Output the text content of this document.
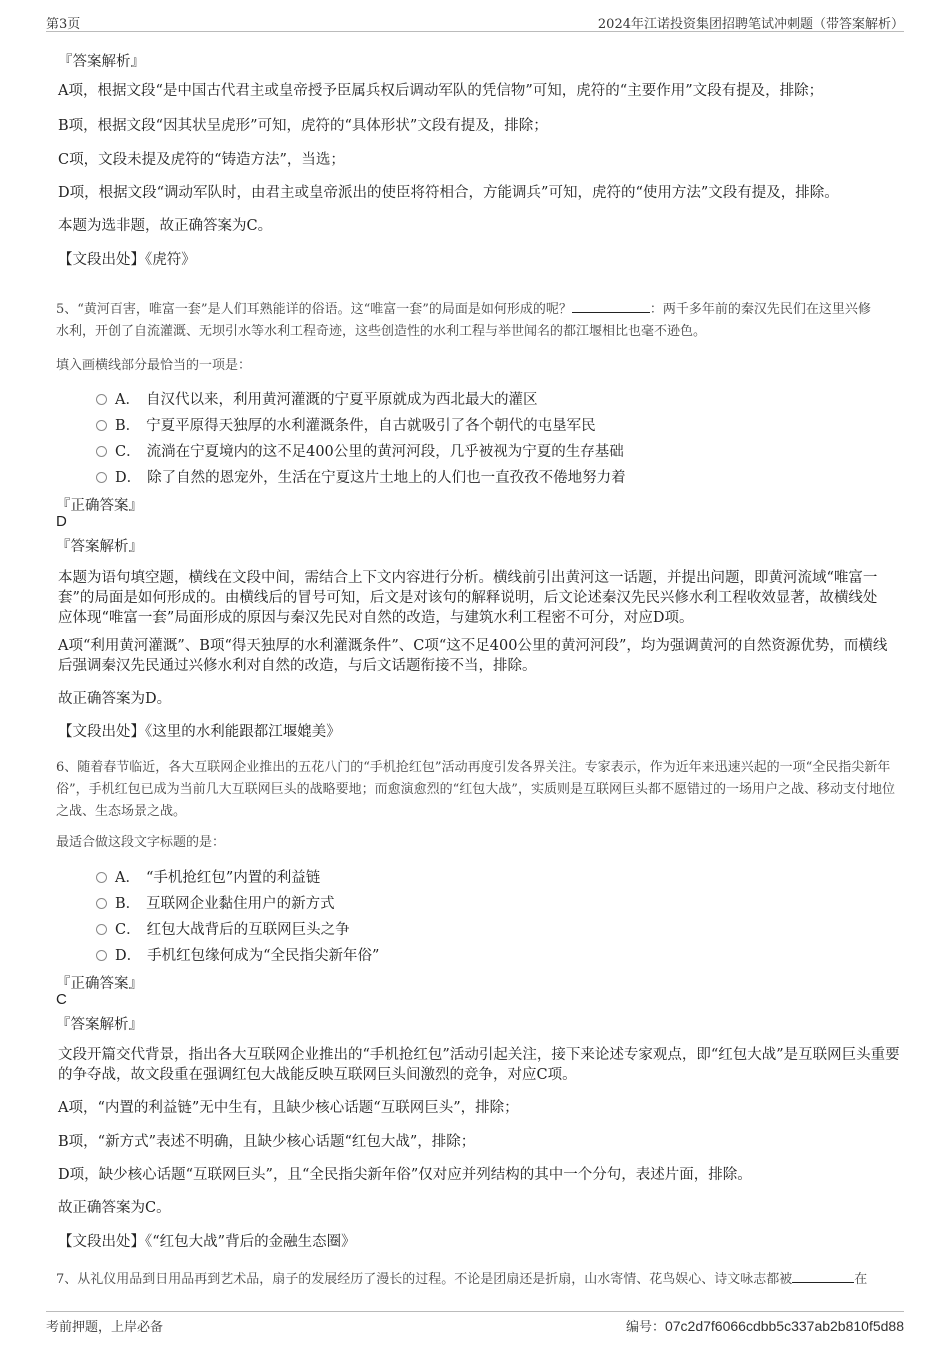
第3页	2024年江诺投资集团招聘笔试冲刺题（带答案解析）
『答案解析』
A项，根据文段“是中国古代君主或皇帝授予臣属兵权后调动军队的凭信物”可知，虎符的“主要作用”文段有提及，排除；
B项，根据文段“因其状呈虎形”可知，虎符的“具体形状”文段有提及，排除；
C项，文段未提及虎符的“铸造方法”，当选；
D项，根据文段“调动军队时，由君主或皇帝派出的使臣将符相合，方能调兵”可知，虎符的“使用方法”文段有提及，排除。
本题为选非题，故正确答案为C。
【文段出处】《虎符》
5、“黄河百害，唯富一套”是人们耳熟能详的俗语。这“唯富一套”的局面是如何形成的呢？	：两千多年前的秦汉先民们在这里兴修
水利，开创了自流灌溉、无坝引水等水利工程奇迹，这些创造性的水利工程与举世闻名的都江堰相比也毫不逊色。
填入画横线部分最恰当的一项是：
A． 自汉代以来，利用黄河灌溉的宁夏平原就成为西北最大的灌区
B． 宁夏平原得天独厚的水利灌溉条件，自古就吸引了各个朝代的屯垦军民
C． 流淌在宁夏境内的这不足400公里的黄河河段，几乎被视为宁夏的生存基础
D． 除了自然的恩宠外，生活在宁夏这片土地上的人们也一直孜孜不倦地努力着
『正确答案』
D
『答案解析』
本题为语句填空题，横线在文段中间，需结合上下文内容进行分析。横线前引出黄河这一话题，并提出问题，即黄河流域“唯富一套”的局面是如何形成的。由横线后的冒号可知，后文是对该句的解释说明，后文论述秦汉先民兴修水利工程收效显著，故横线处应体现“唯富一套”局面形成的原因与秦汉先民对自然的改造，与建筑水利工程密不可分，对应D项。
A项“利用黄河灌溉”、B项“得天独厚的水利灌溉条件”、C项“这不足400公里的黄河河段”，均为强调黄河的自然资源优势，而横线后强调秦汉先民通过兴修水利对自然的改造，与后文话题衔接不当，排除。
故正确答案为D。
【文段出处】《这里的水利能跟都江堰媲美》
6、随着春节临近，各大互联网企业推出的五花八门的“手机抢红包”活动再度引发各界关注。专家表示，作为近年来迅速兴起的一项“全民指尖新年俗”，手机红包已成为当前几大互联网巨头的战略要地；而愈演愈烈的“红包大战”，实质则是互联网巨头都不愿错过的一场用户之战、移动支付地位之战、生态场景之战。
最适合做这段文字标题的是：
A． “手机抢红包”内置的利益链
B． 互联网企业黏住用户的新方式
C． 红包大战背后的互联网巨头之争
D． 手机红包缘何成为“全民指尖新年俗”
『正确答案』
C
『答案解析』
文段开篇交代背景，指出各大互联网企业推出的“手机抢红包”活动引起关注，接下来论述专家观点，即“红包大战”是互联网巨头重要的争夺战，故文段重在强调红包大战能反映互联网巨头间激烈的竞争，对应C项。
A项，“内置的利益链”无中生有，且缺少核心话题“互联网巨头”，排除；
B项，“新方式”表述不明确，且缺少核心话题“红包大战”，排除；
D项，缺少核心话题“互联网巨头”，且“全民指尖新年俗”仅对应并列结构的其中一个分句，表述片面，排除。
故正确答案为C。
【文段出处】《“红包大战”背后的金融生态圈》
7、从礼仪用品到日用品再到艺术品，扇子的发展经历了漫长的过程。不论是团扇还是折扇，山水寄情、花鸟娱心、诗文咏志都被	在
考前押题，上岸必备	编号：07c2d7f6066cdbb5c337ab2b810f5d88
